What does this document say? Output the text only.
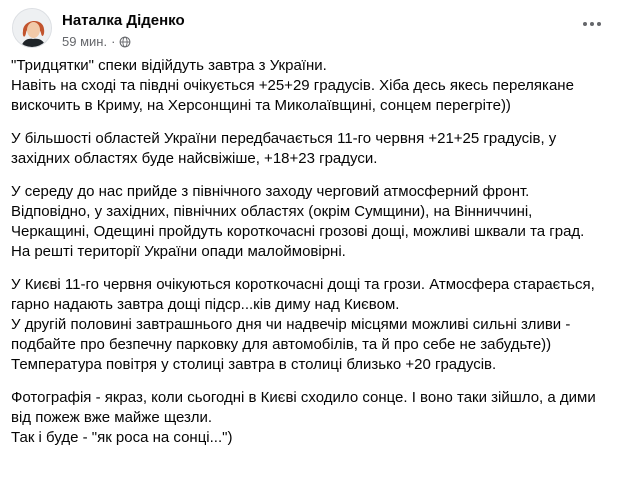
Наталка Діденко
59 мин. ·

"Тридцятки" спеки відійдуть завтра з України.
Навіть на сході та півдні очікується +25+29 градусів. Хіба десь якесь перелякане вискочить в Криму, на Херсонщині та Миколаївщині, сонцем перегріте))

У більшості областей України передбачається 11-го червня +21+25 градусів, у західних областях буде найсвіжіше, +18+23 градуси.

У середу до нас прийде з північного заходу черговий атмосферний фронт.
Відповідно, у західних, північних областях (окрім Сумщини), на Вінниччині, Черкащині, Одещині пройдуть короткочасні грозові дощі, можливі шквали та град.
На решті території України опади малоймовірні.

У Києві 11-го червня очікуються короткочасні дощі та грози. Атмосфера старається, гарно надають завтра дощі підср...ків диму над Києвом.
У другій половині завтрашнього дня чи надвечір місцями можливі сильні зливи - подбайте про безпечну парковку для автомобілів, та й про себе не забудьте))
Температура повітря у столиці завтра в столиці близько +20 градусів.

Фотографія - якраз, коли сьогодні в Києві сходило сонце. І воно таки зійшло, а дими від пожеж вже майже щезли.
Так і буде - "як роса на сонці...")
